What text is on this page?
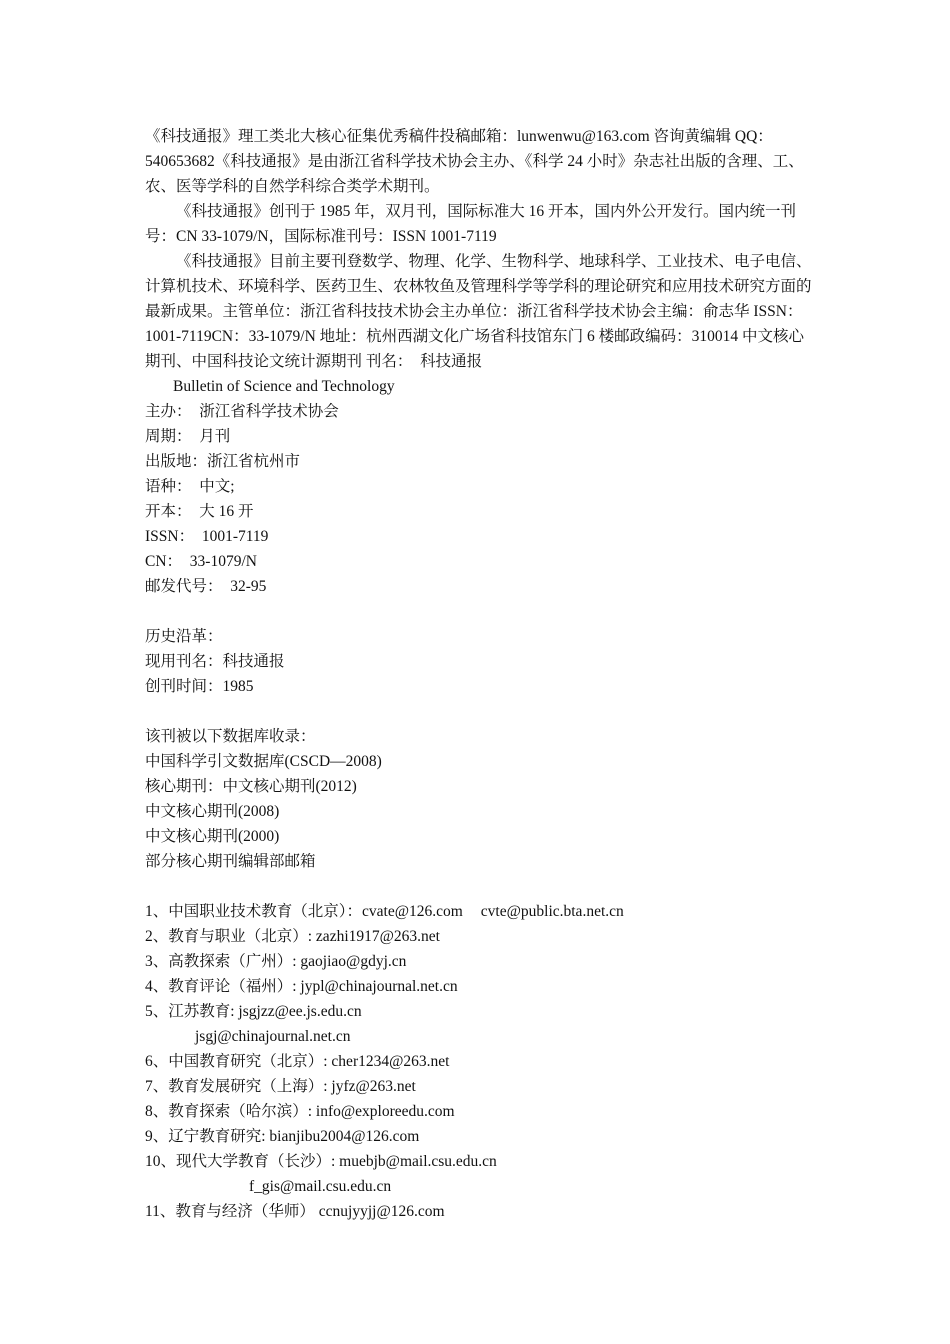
《科技通报》理工类北大核心征集优秀稿件投稿邮箱：lunwenwu@163.com 咨询黄编辑 QQ：540653682《科技通报》是由浙江省科学技术协会主办、《科学 24 小时》杂志社出版的含理、工、农、医等学科的自然学科综合类学术期刊。

《科技通报》创刊于 1985 年，双月刊，国际标准大 16 开本，国内外公开发行。国内统一刊号：CN 33-1079/N，国际标准刊号：ISSN 1001-7119

《科技通报》目前主要刊登数学、物理、化学、生物科学、地球科学、工业技术、电子电信、计算机技术、环境科学、医药卫生、农林牧鱼及管理科学等学科的理论研究和应用技术研究方面的最新成果。主管单位：浙江省科技技术协会主办单位：浙江省科学技术协会主编：俞志华 ISSN：1001-7119CN：33-1079/N 地址：杭州西湖文化广场省科技馆东门 6 楼邮政编码：310014 中文核心期刊、中国科技论文统计源期刊 刊名：　科技通报

Bulletin of Science and Technology

主办：　浙江省科学技术协会

周期：　月刊

出版地：浙江省杭州市

语种：　中文;

开本：　大 16 开

ISSN：　1001-7119

CN：　33-1079/N

邮发代号：　32-95

历史沿革：

现用刊名：科技通报

创刊时间：1985

该刊被以下数据库收录：

中国科学引文数据库(CSCD—2008)

核心期刊：中文核心期刊(2012)

中文核心期刊(2008)

中文核心期刊(2000)

部分核心期刊编辑部邮箱

1、中国职业技术教育（北京）：cvate@126.com cvte@public.bta.net.cn

2、教育与职业（北京）: zazhi1917@263.net

3、高教探索（广州）: gaojiao@gdyj.cn

4、教育评论（福州）: jypl@chinajournal.net.cn

5、江苏教育: jsgjzz@ee.js.edu.cn

jsgj@chinajournal.net.cn

6、中国教育研究（北京）: cher1234@263.net

7、教育发展研究（上海）: jyfz@263.net

8、教育探索（哈尔滨）: info@exploreedu.com

9、辽宁教育研究: bianjibu2004@126.com

10、现代大学教育（长沙）: muebjb@mail.csu.edu.cn

f_gis@mail.csu.edu.cn

11、教育与经济（华师） ccnujyyjj@126.com
